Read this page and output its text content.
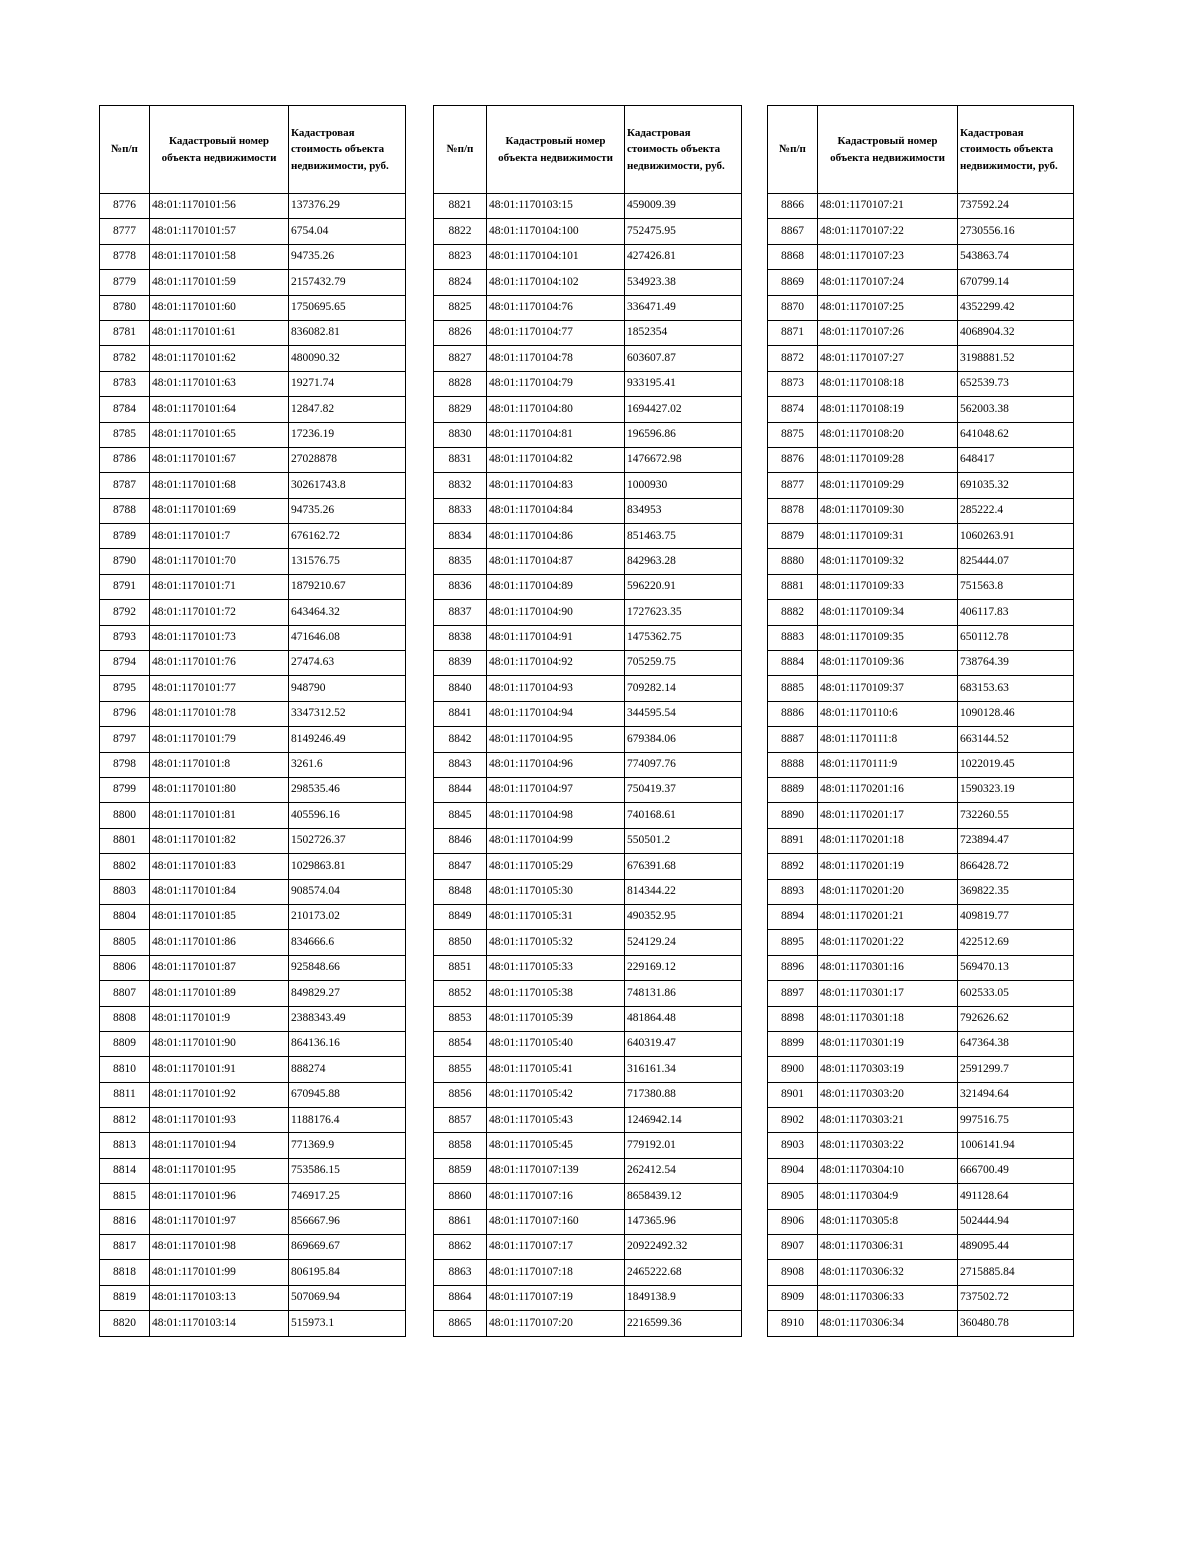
№п/п	Кадастровый номер объекта недвижимости	Кадастровая стоимость объекта недвижимости, руб.
8776	48:01:1170101:56	137376.29
8777	48:01:1170101:57	6754.04
8778	48:01:1170101:58	94735.26
8779	48:01:1170101:59	2157432.79
8780	48:01:1170101:60	1750695.65
8781	48:01:1170101:61	836082.81
8782	48:01:1170101:62	480090.32
8783	48:01:1170101:63	19271.74
8784	48:01:1170101:64	12847.82
8785	48:01:1170101:65	17236.19
8786	48:01:1170101:67	27028878
8787	48:01:1170101:68	30261743.8
8788	48:01:1170101:69	94735.26
8789	48:01:1170101:7	676162.72
8790	48:01:1170101:70	131576.75
8791	48:01:1170101:71	1879210.67
8792	48:01:1170101:72	643464.32
8793	48:01:1170101:73	471646.08
8794	48:01:1170101:76	27474.63
8795	48:01:1170101:77	948790
8796	48:01:1170101:78	3347312.52
8797	48:01:1170101:79	8149246.49
8798	48:01:1170101:8	3261.6
8799	48:01:1170101:80	298535.46
8800	48:01:1170101:81	405596.16
8801	48:01:1170101:82	1502726.37
8802	48:01:1170101:83	1029863.81
8803	48:01:1170101:84	908574.04
8804	48:01:1170101:85	210173.02
8805	48:01:1170101:86	834666.6
8806	48:01:1170101:87	925848.66
8807	48:01:1170101:89	849829.27
8808	48:01:1170101:9	2388343.49
8809	48:01:1170101:90	864136.16
8810	48:01:1170101:91	888274
8811	48:01:1170101:92	670945.88
8812	48:01:1170101:93	1188176.4
8813	48:01:1170101:94	771369.9
8814	48:01:1170101:95	753586.15
8815	48:01:1170101:96	746917.25
8816	48:01:1170101:97	856667.96
8817	48:01:1170101:98	869669.67
8818	48:01:1170101:99	806195.84
8819	48:01:1170103:13	507069.94
8820	48:01:1170103:14	515973.1
№п/п	Кадастровый номер объекта недвижимости	Кадастровая стоимость объекта недвижимости, руб.
8821	48:01:1170103:15	459009.39
8822	48:01:1170104:100	752475.95
8823	48:01:1170104:101	427426.81
8824	48:01:1170104:102	534923.38
8825	48:01:1170104:76	336471.49
8826	48:01:1170104:77	1852354
8827	48:01:1170104:78	603607.87
8828	48:01:1170104:79	933195.41
8829	48:01:1170104:80	1694427.02
8830	48:01:1170104:81	196596.86
8831	48:01:1170104:82	1476672.98
8832	48:01:1170104:83	1000930
8833	48:01:1170104:84	834953
8834	48:01:1170104:86	851463.75
8835	48:01:1170104:87	842963.28
8836	48:01:1170104:89	596220.91
8837	48:01:1170104:90	1727623.35
8838	48:01:1170104:91	1475362.75
8839	48:01:1170104:92	705259.75
8840	48:01:1170104:93	709282.14
8841	48:01:1170104:94	344595.54
8842	48:01:1170104:95	679384.06
8843	48:01:1170104:96	774097.76
8844	48:01:1170104:97	750419.37
8845	48:01:1170104:98	740168.61
8846	48:01:1170104:99	550501.2
8847	48:01:1170105:29	676391.68
8848	48:01:1170105:30	814344.22
8849	48:01:1170105:31	490352.95
8850	48:01:1170105:32	524129.24
8851	48:01:1170105:33	229169.12
8852	48:01:1170105:38	748131.86
8853	48:01:1170105:39	481864.48
8854	48:01:1170105:40	640319.47
8855	48:01:1170105:41	316161.34
8856	48:01:1170105:42	717380.88
8857	48:01:1170105:43	1246942.14
8858	48:01:1170105:45	779192.01
8859	48:01:1170107:139	262412.54
8860	48:01:1170107:16	8658439.12
8861	48:01:1170107:160	147365.96
8862	48:01:1170107:17	20922492.32
8863	48:01:1170107:18	2465222.68
8864	48:01:1170107:19	1849138.9
8865	48:01:1170107:20	2216599.36
№п/п	Кадастровый номер объекта недвижимости	Кадастровая стоимость объекта недвижимости, руб.
8866	48:01:1170107:21	737592.24
8867	48:01:1170107:22	2730556.16
8868	48:01:1170107:23	543863.74
8869	48:01:1170107:24	670799.14
8870	48:01:1170107:25	4352299.42
8871	48:01:1170107:26	4068904.32
8872	48:01:1170107:27	3198881.52
8873	48:01:1170108:18	652539.73
8874	48:01:1170108:19	562003.38
8875	48:01:1170108:20	641048.62
8876	48:01:1170109:28	648417
8877	48:01:1170109:29	691035.32
8878	48:01:1170109:30	285222.4
8879	48:01:1170109:31	1060263.91
8880	48:01:1170109:32	825444.07
8881	48:01:1170109:33	751563.8
8882	48:01:1170109:34	406117.83
8883	48:01:1170109:35	650112.78
8884	48:01:1170109:36	738764.39
8885	48:01:1170109:37	683153.63
8886	48:01:1170110:6	1090128.46
8887	48:01:1170111:8	663144.52
8888	48:01:1170111:9	1022019.45
8889	48:01:1170201:16	1590323.19
8890	48:01:1170201:17	732260.55
8891	48:01:1170201:18	723894.47
8892	48:01:1170201:19	866428.72
8893	48:01:1170201:20	369822.35
8894	48:01:1170201:21	409819.77
8895	48:01:1170201:22	422512.69
8896	48:01:1170301:16	569470.13
8897	48:01:1170301:17	602533.05
8898	48:01:1170301:18	792626.62
8899	48:01:1170301:19	647364.38
8900	48:01:1170303:19	2591299.7
8901	48:01:1170303:20	321494.64
8902	48:01:1170303:21	997516.75
8903	48:01:1170303:22	1006141.94
8904	48:01:1170304:10	666700.49
8905	48:01:1170304:9	491128.64
8906	48:01:1170305:8	502444.94
8907	48:01:1170306:31	489095.44
8908	48:01:1170306:32	2715885.84
8909	48:01:1170306:33	737502.72
8910	48:01:1170306:34	360480.78
